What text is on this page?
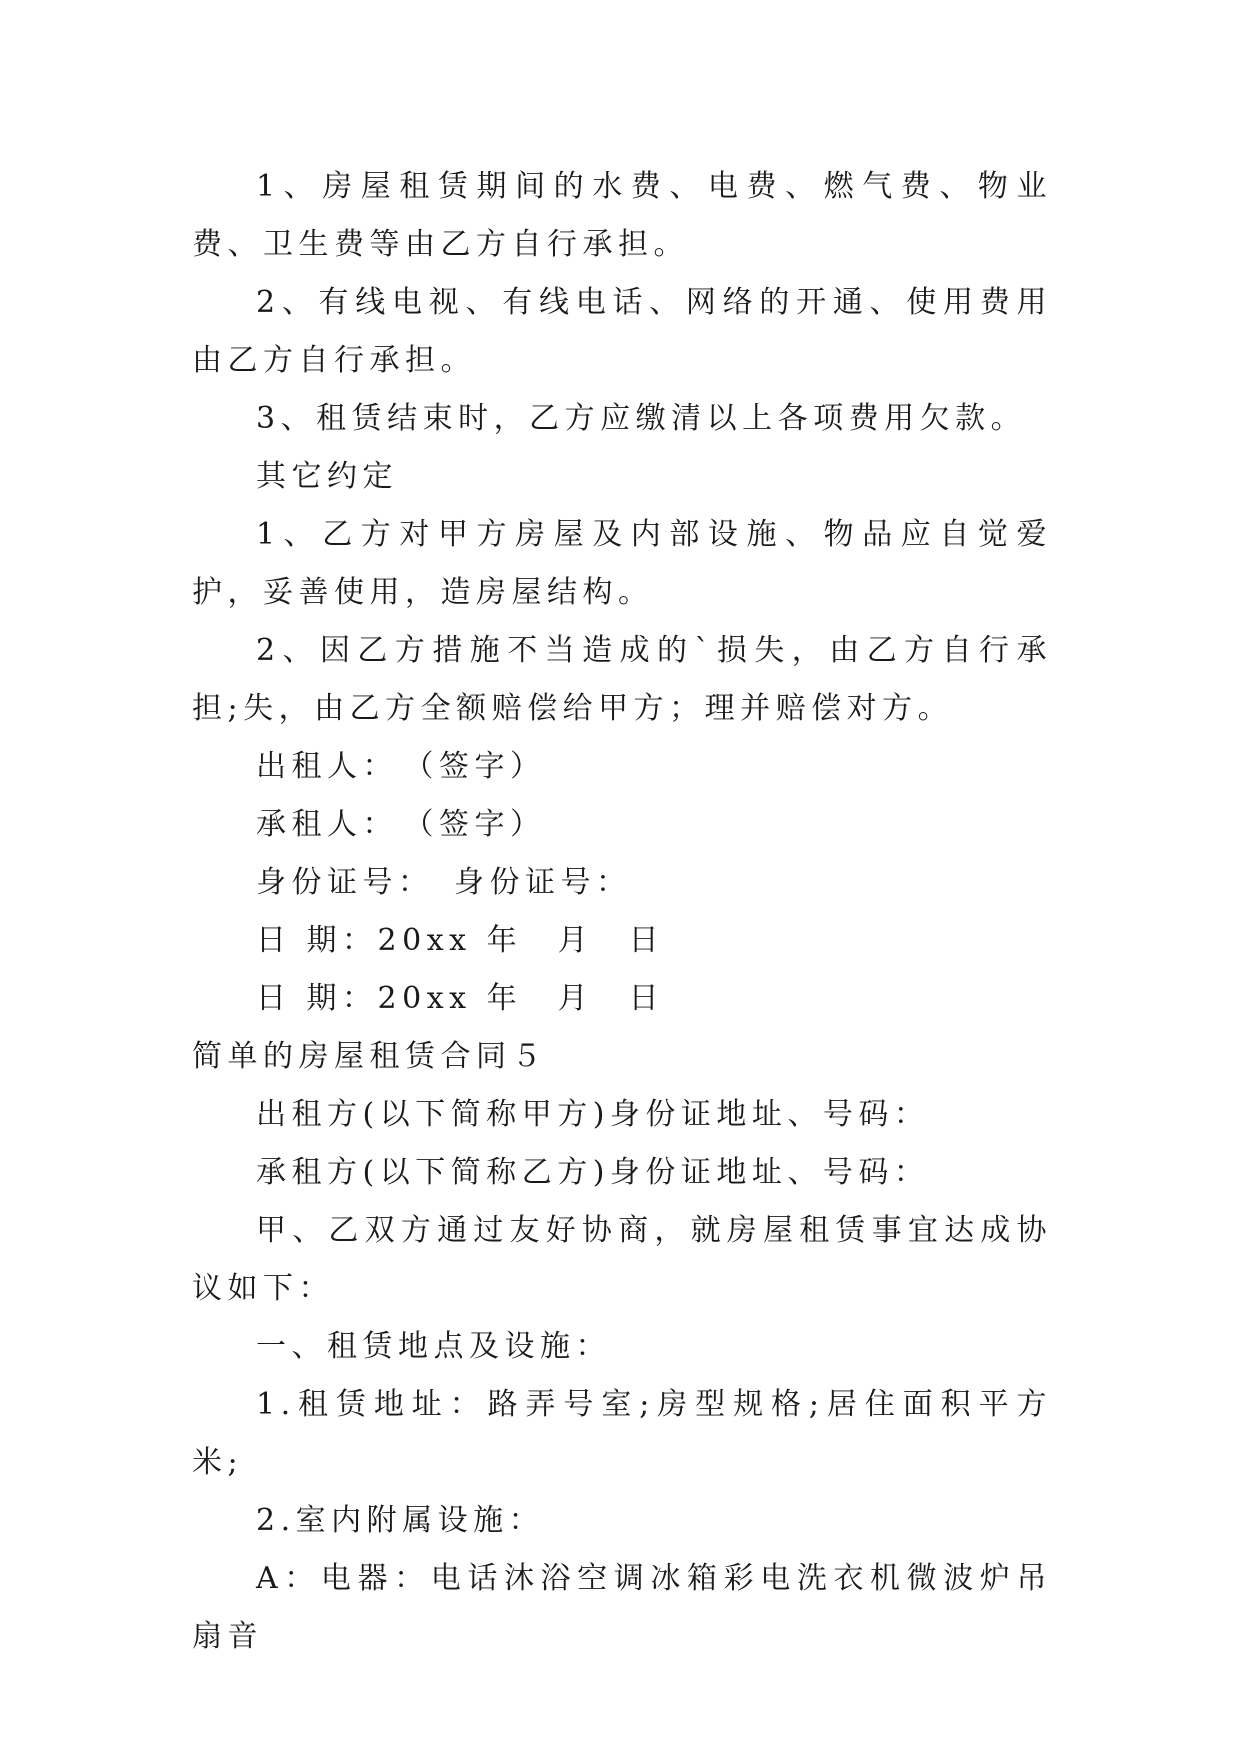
1、房屋租赁期间的水费、电费、燃气费、物业费、卫生费等由乙方自行承担。

2、有线电视、有线电话、网络的开通、使用费用由乙方自行承担。

3、租赁结束时，乙方应缴清以上各项费用欠款。

其它约定

1、乙方对甲方房屋及内部设施、物品应自觉爱护，妥善使用，造房屋结构。

2、因乙方措施不当造成的`损失，由乙方自行承担;失，由乙方全额赔偿给甲方；理并赔偿对方。

出租人：　（签字）

承租人：　（签字）

身份证号：　身份证号：

日 期：20xx 年　月　日

日 期：20xx 年　月　日

简单的房屋租赁合同５

出租方(以下简称甲方)身份证地址、号码：

承租方(以下简称乙方)身份证地址、号码：

甲、乙双方通过友好协商，就房屋租赁事宜达成协议如下：

一、租赁地点及设施：

1.租赁地址：路弄号室;房型规格;居住面积平方米;

2.室内附属设施：

A：电器：电话沐浴空调冰箱彩电洗衣机微波炉吊扇音
